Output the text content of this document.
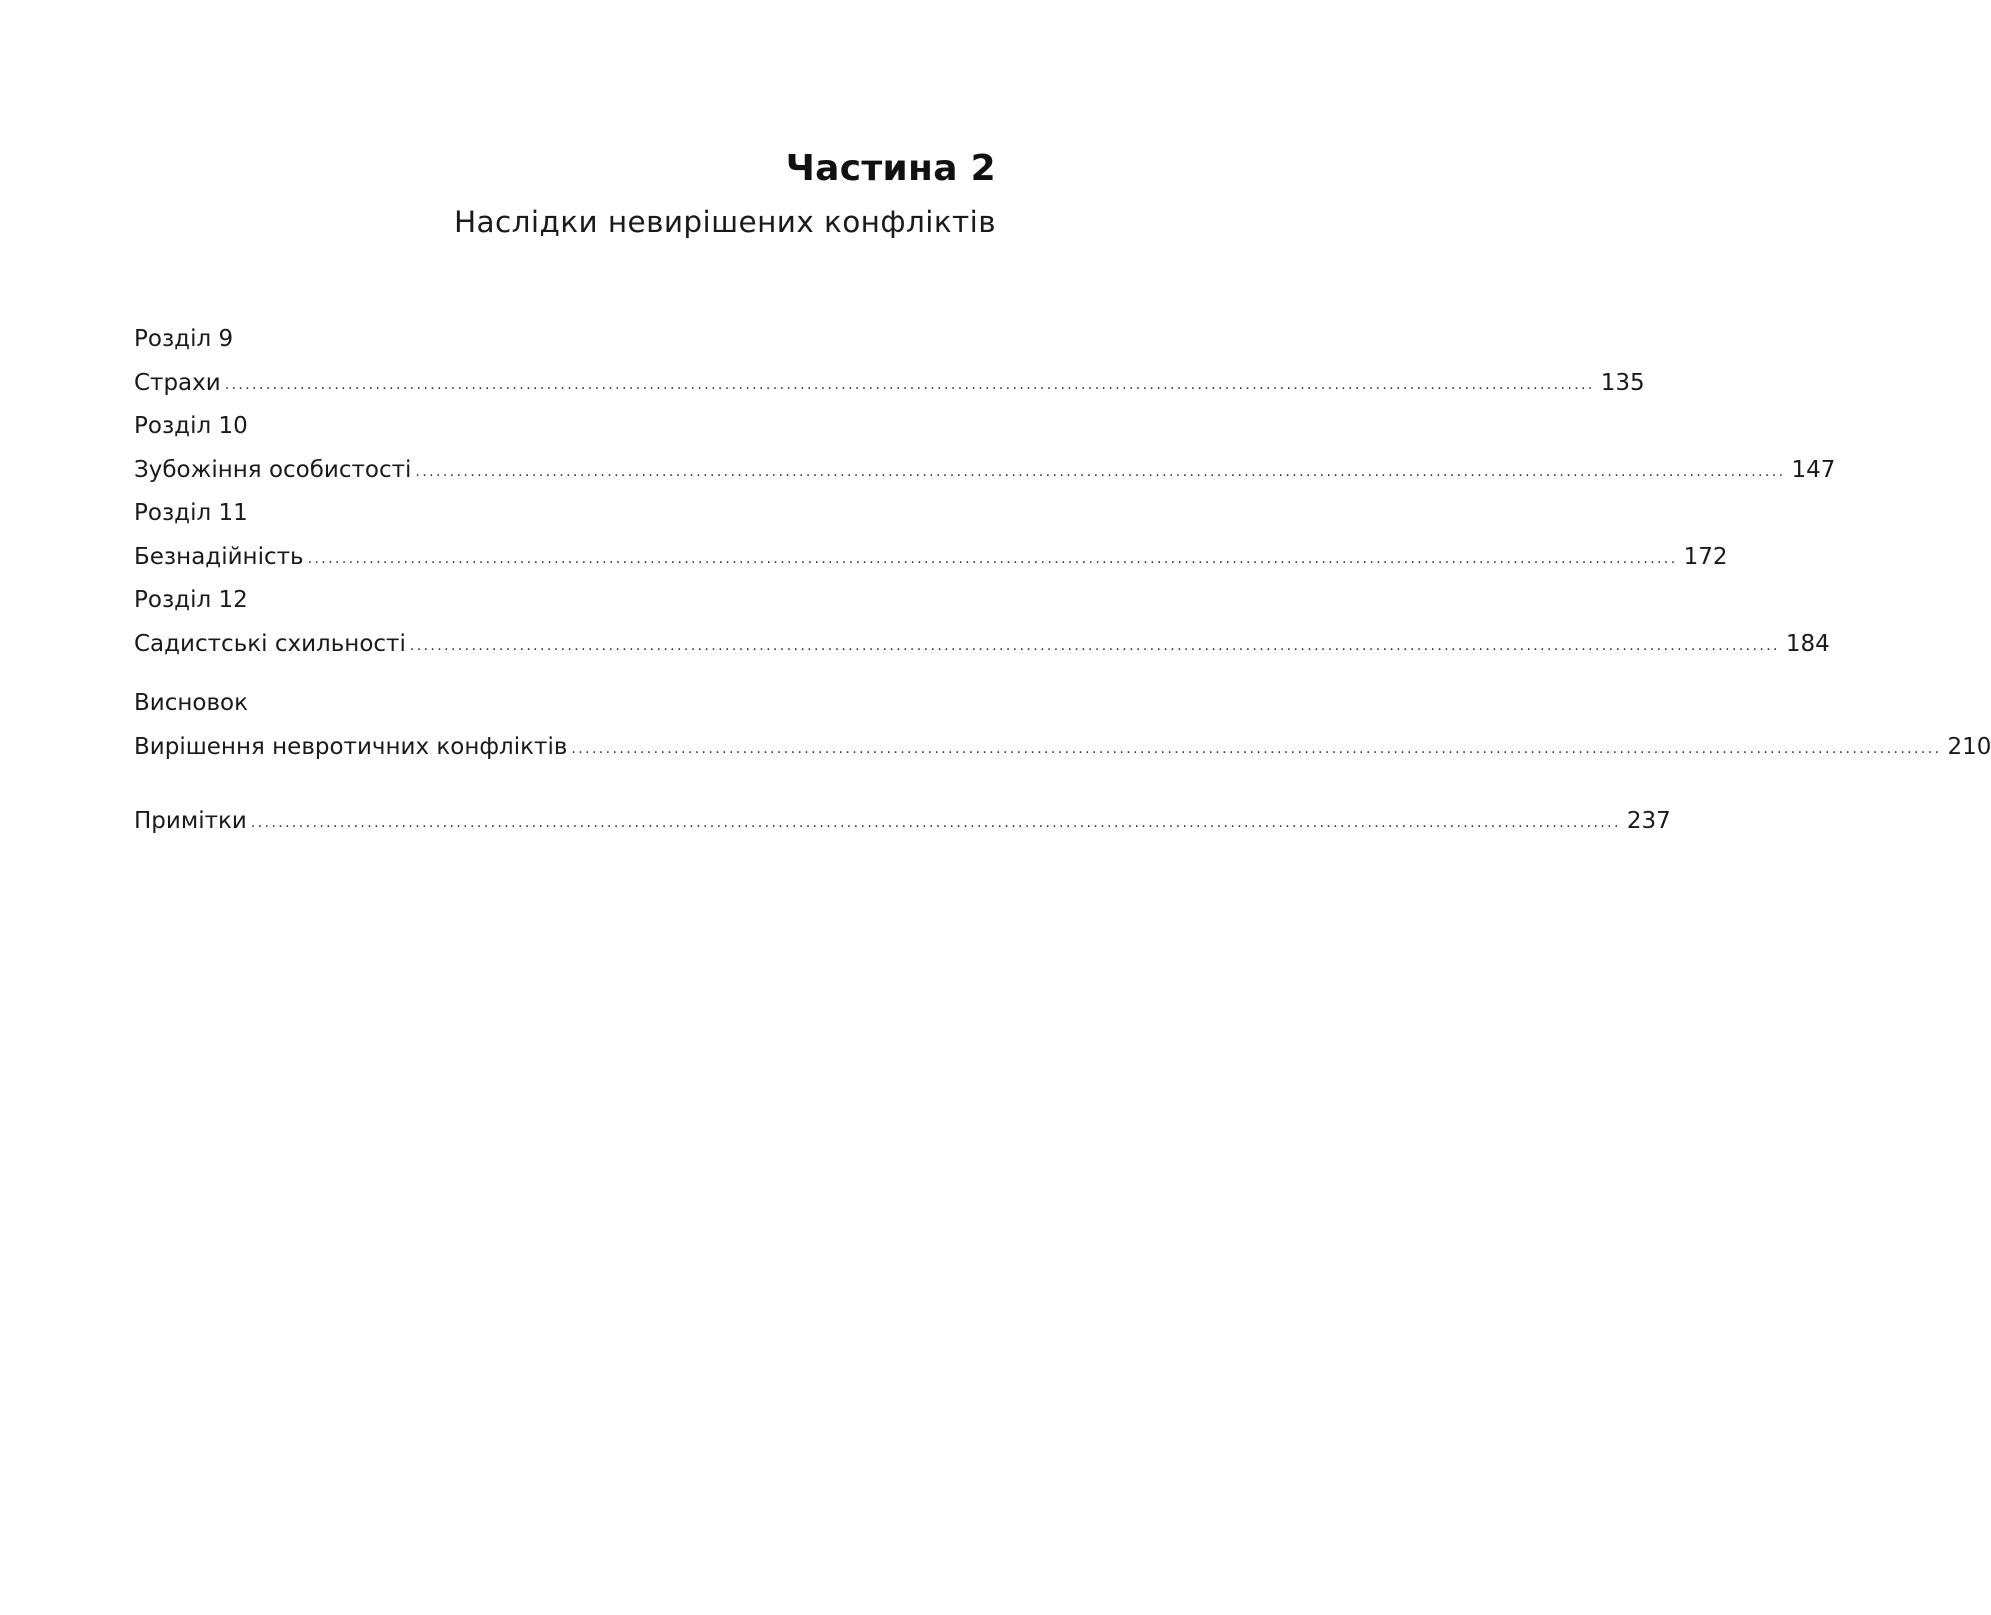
Частина 2
Наслідки невирішених конфліктів
Розділ 9
Страхи ........................................................................................................................................................................................................ 135
Розділ 10
Зубожіння особистості ........................................................................................................................................................................................................ 147
Розділ 11
Безнадійність ........................................................................................................................................................................................................ 172
Розділ 12
Садистські схильності ........................................................................................................................................................................................................ 184
Висновок
Вирішення невротичних конфліктів ........................................................................................................................................................................................................ 210
Примітки ........................................................................................................................................................................................................ 237
